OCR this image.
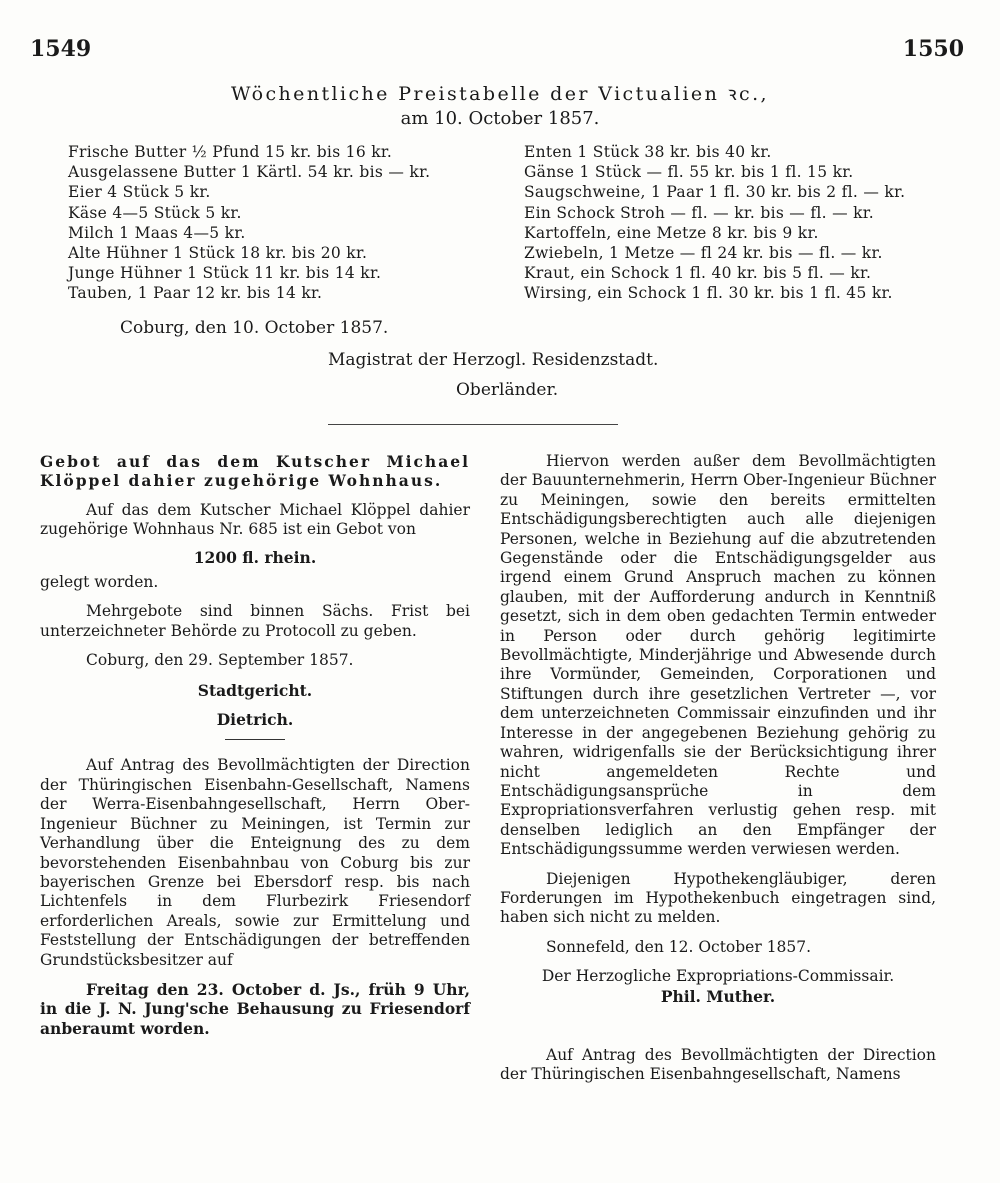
1549	1550
Wöchentliche Preistabelle der Victualien ꝛc.,
am 10. October 1857.
Frische Butter ½ Pfund 15 kr. bis 16 kr.
Ausgelassene Butter 1 Kärtl. 54 kr. bis — kr.
Eier 4 Stück 5 kr.
Käse 4—5 Stück 5 kr.
Milch 1 Maas 4—5 kr.
Alte Hühner 1 Stück 18 kr. bis 20 kr.
Junge Hühner 1 Stück 11 kr. bis 14 kr.
Tauben, 1 Paar 12 kr. bis 14 kr.
Enten 1 Stück 38 kr. bis 40 kr.
Gänse 1 Stück — fl. 55 kr. bis 1 fl. 15 kr.
Saugschweine, 1 Paar 1 fl. 30 kr. bis 2 fl. — kr.
Ein Schock Stroh — fl. — kr. bis — fl. — kr.
Kartoffeln, eine Metze 8 kr. bis 9 kr.
Zwiebeln, 1 Metze — fl 24 kr. bis — fl. — kr.
Kraut, ein Schock 1 fl. 40 kr. bis 5 fl. — kr.
Wirsing, ein Schock 1 fl. 30 kr. bis 1 fl. 45 kr.
Coburg, den 10. October 1857.
Magistrat der Herzogl. Residenzstadt.
Oberländer.

Gebot auf das dem Kutscher Michael Klöppel dahier zugehörige Wohnhaus.

Auf das dem Kutscher Michael Klöppel dahier zugehörige Wohnhaus Nr. 685 ist ein Gebot von

1200 fl. rhein.

gelegt worden.

Mehrgebote sind binnen Sächs. Frist bei unterzeichneter Behörde zu Protocoll zu geben.

Coburg, den 29. September 1857.

Stadtgericht.

Dietrich.

Auf Antrag des Bevollmächtigten der Direction der Thüringischen Eisenbahn-Gesellschaft, Namens der Werra-Eisenbahngesellschaft, Herrn Ober-Ingenieur Büchner zu Meiningen, ist Termin zur Verhandlung über die Enteignung des zu dem bevorstehenden Eisenbahnbau von Coburg bis zur bayerischen Grenze bei Ebersdorf resp. bis nach Lichtenfels in dem Flurbezirk Friesendorf erforderlichen Areals, sowie zur Ermittelung und Feststellung der Entschädigungen der betreffenden Grundstücksbesitzer auf

Freitag den 23. October d. Js., früh 9 Uhr, in die J. N. Jung'sche Behausung zu Friesendorf anberaumt worden.

Hiervon werden außer dem Bevollmächtigten der Bauunternehmerin, Herrn Ober-Ingenieur Büchner zu Meiningen, sowie den bereits ermittelten Entschädigungsberechtigten auch alle diejenigen Personen, welche in Beziehung auf die abzutretenden Gegenstände oder die Entschädigungsgelder aus irgend einem Grund Anspruch machen zu können glauben, mit der Aufforderung andurch in Kenntniß gesetzt, sich in dem oben gedachten Termin entweder in Person oder durch gehörig legitimirte Bevollmächtigte, Minderjährige und Abwesende durch ihre Vormünder, Gemeinden, Corporationen und Stiftungen durch ihre gesetzlichen Vertreter —, vor dem unterzeichneten Commissair einzufinden und ihr Interesse in der angegebenen Beziehung gehörig zu wahren, widrigenfalls sie der Berücksichtigung ihrer nicht angemeldeten Rechte und Entschädigungsansprüche in dem Expropriationsverfahren verlustig gehen resp. mit denselben lediglich an den Empfänger der Entschädigungssumme werden verwiesen werden.

Diejenigen Hypothekengläubiger, deren Forderungen im Hypothekenbuch eingetragen sind, haben sich nicht zu melden.

Sonnefeld, den 12. October 1857.

Der Herzogliche Expropriations-Commissair.

Phil. Muther.

Auf Antrag des Bevollmächtigten der Direction der Thüringischen Eisenbahngesellschaft, Namens
